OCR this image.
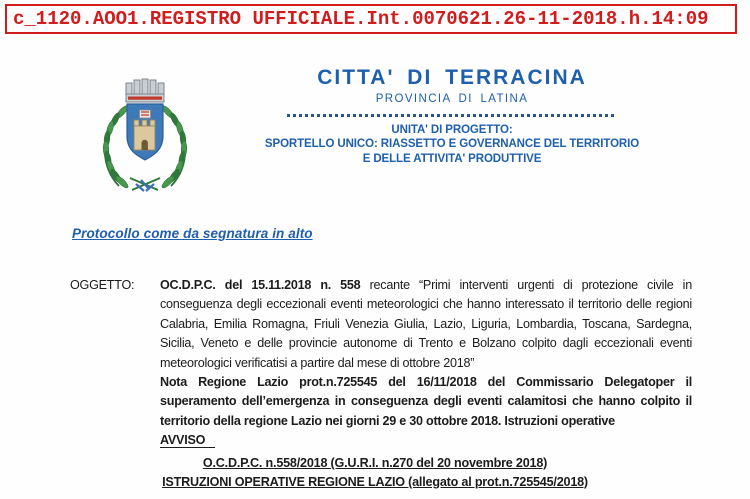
c_1120.AOO1.REGISTRO UFFICIALE.Int.0070621.26-11-2018.h.14:09
CITTA' DI TERRACINA
PROVINCIA DI LATINA
UNITA' DI PROGETTO:
SPORTELLO UNICO: RIASSETTO E GOVERNANCE DEL TERRITORIO
E DELLE ATTIVITA' PRODUTTIVE
Protocollo come da segnatura in alto
OGGETTO:	OC.D.P.C. del 15.11.2018 n. 558 recante “Primi interventi urgenti di protezione civile in conseguenza degli eccezionali eventi meteorologici che hanno interessato il territorio delle regioni Calabria, Emilia Romagna, Friuli Venezia Giulia, Lazio, Liguria, Lombardia, Toscana, Sardegna, Sicilia, Veneto e delle provincie autonome di Trento e Bolzano colpito dagli eccezionali eventi meteorologici verificatisi a partire dal mese di ottobre 2018”
Nota Regione Lazio prot.n.725545 del 16/11/2018 del Commissario Delegatoper il superamento dell’emergenza in conseguenza degli eventi calamitosi che hanno colpito il territorio della regione Lazio nei giorni 29 e 30 ottobre 2018. Istruzioni operative
AVVISO
O.C.D.P.C. n.558/2018 (G.U.R.I. n.270 del 20 novembre 2018)
ISTRUZIONI OPERATIVE REGIONE LAZIO (allegato al prot.n.725545/2018)
